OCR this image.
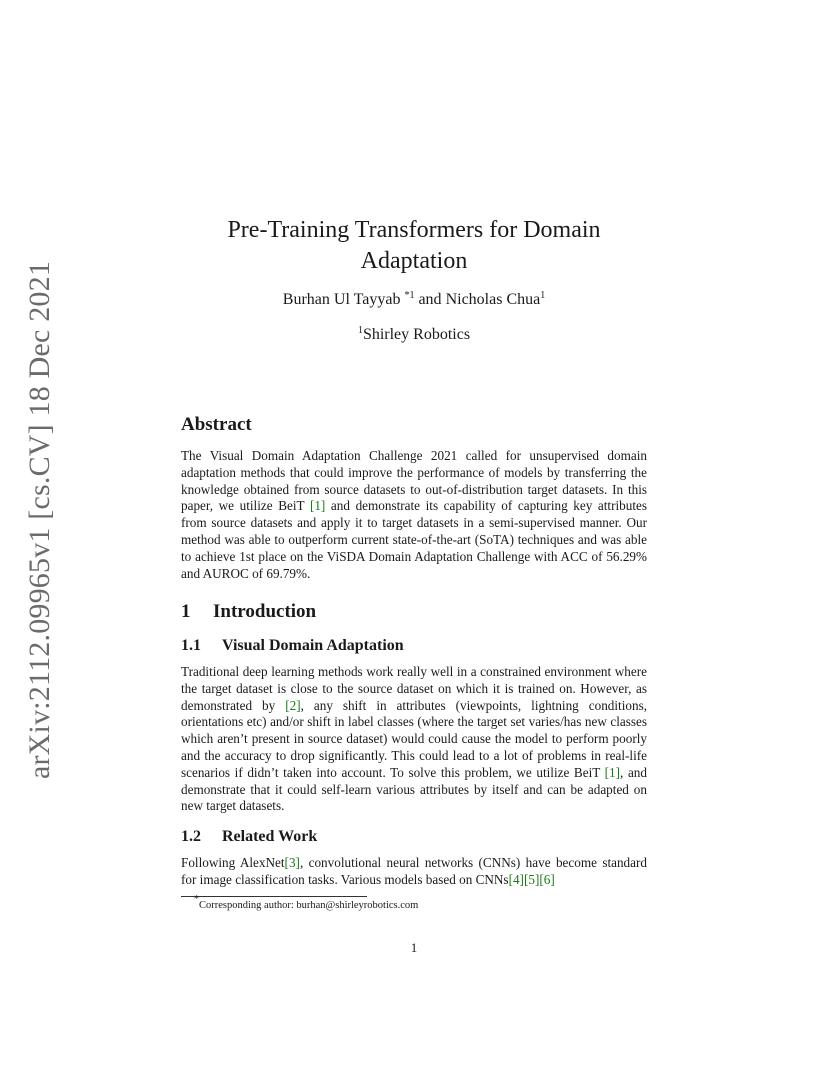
arXiv:2112.09965v1 [cs.CV] 18 Dec 2021
Pre-Training Transformers for Domain Adaptation

Burhan Ul Tayyab $^{*1}$ and Nicholas Chua$^1$

$^1$Shirley Robotics

Abstract

The Visual Domain Adaptation Challenge 2021 called for unsupervised domain adaptation methods that could improve the performance of models by transferring the knowledge obtained from source datasets to out-of-distribution target datasets. In this paper, we utilize BeiT [1] and demonstrate its capability of capturing key attributes from source datasets and apply it to target datasets in a semi-supervised manner. Our method was able to outperform current state-of-the-art (SoTA) techniques and was able to achieve 1st place on the ViSDA Domain Adaptation Challenge with ACC of 56.29% and AUROC of 69.79%.

1 Introduction
1.1 Visual Domain Adaptation

Traditional deep learning methods work really well in a constrained environment where the target dataset is close to the source dataset on which it is trained on. However, as demonstrated by [2], any shift in attributes (viewpoints, lightning conditions, orientations etc) and/or shift in label classes (where the target set varies/has new classes which aren’t present in source dataset) would could cause the model to perform poorly and the accuracy to drop significantly. This could lead to a lot of problems in real-life scenarios if didn’t taken into account. To solve this problem, we utilize BeiT [1], and demonstrate that it could self-learn various attributes by itself and can be adapted on new target datasets.

1.2 Related Work

Following AlexNet[3], convolutional neural networks (CNNs) have become standard for image classification tasks. Various models based on CNNs[4][5][6]

*Corresponding author: burhan@shirleyrobotics.com

1
